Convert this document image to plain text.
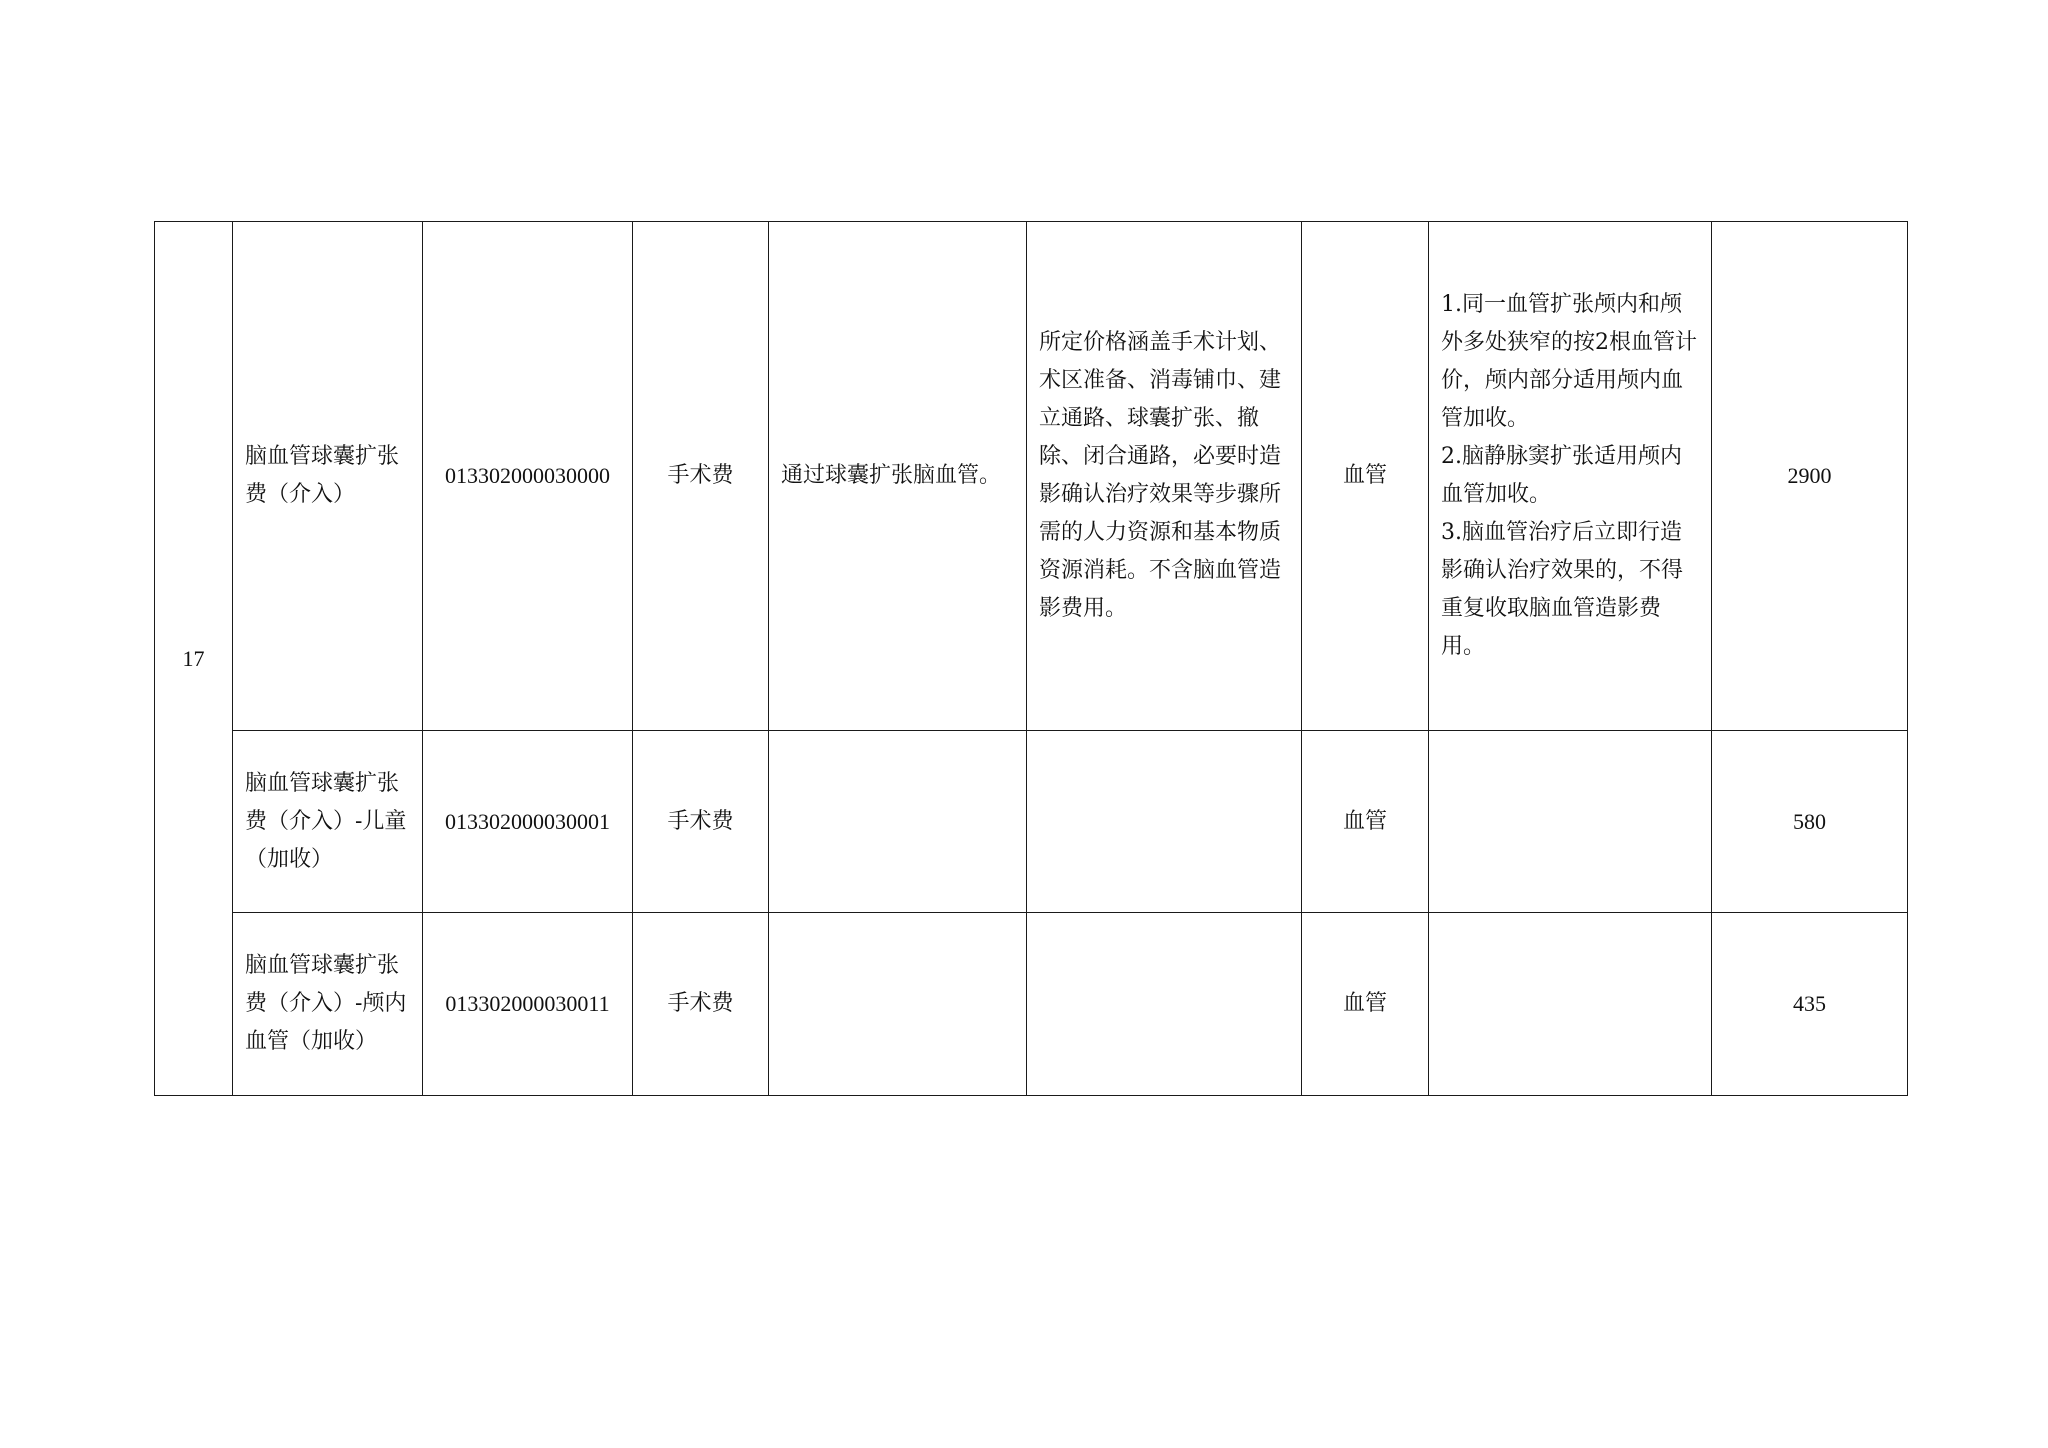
17	脑血管球囊扩张费（介入）	013302000030000	手术费	通过球囊扩张脑血管。	所定价格涵盖手术计划、术区准备、消毒铺巾、建立通路、球囊扩张、撤除、闭合通路，必要时造影确认治疗效果等步骤所需的人力资源和基本物质资源消耗。不含脑血管造影费用。	血管	1.同一血管扩张颅内和颅外多处狭窄的按2根血管计价，颅内部分适用颅内血管加收。
2.脑静脉窦扩张适用颅内血管加收。
3.脑血管治疗后立即行造影确认治疗效果的，不得重复收取脑血管造影费用。	2900
	脑血管球囊扩张费（介入）-儿童（加收）	013302000030001	手术费			血管		580
	脑血管球囊扩张费（介入）-颅内血管（加收）	013302000030011	手术费			血管		435
